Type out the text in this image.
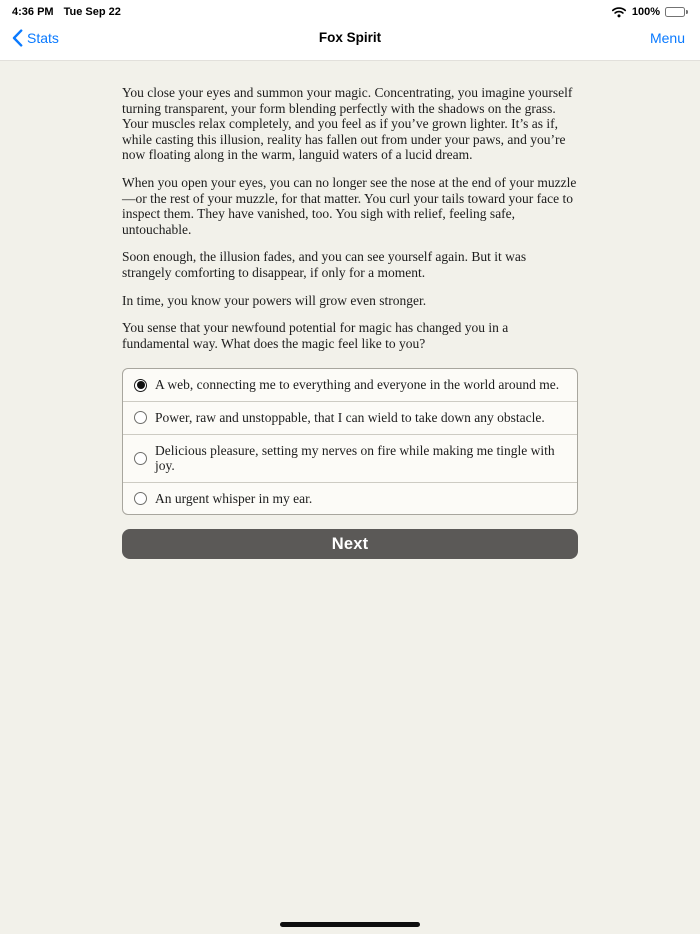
4:36 PM Tue Sep 22	100%
Stats	Fox Spirit	Menu

You close your eyes and summon your magic. Concentrating, you imagine yourself turning transparent, your form blending perfectly with the shadows on the grass. Your muscles relax completely, and you feel as if you’ve grown lighter. It’s as if, while casting this illusion, reality has fallen out from under your paws, and you’re now floating along in the warm, languid waters of a lucid dream.

When you open your eyes, you can no longer see the nose at the end of your muzzle—or the rest of your muzzle, for that matter. You curl your tails toward your face to inspect them. They have vanished, too. You sigh with relief, feeling safe, untouchable.

Soon enough, the illusion fades, and you can see yourself again. But it was strangely comforting to disappear, if only for a moment.

In time, you know your powers will grow even stronger.

You sense that your newfound potential for magic has changed you in a fundamental way. What does the magic feel like to you?

A web, connecting me to everything and everyone in the world around me.
Power, raw and unstoppable, that I can wield to take down any obstacle.
Delicious pleasure, setting my nerves on fire while making me tingle with joy.
An urgent whisper in my ear.
Next
